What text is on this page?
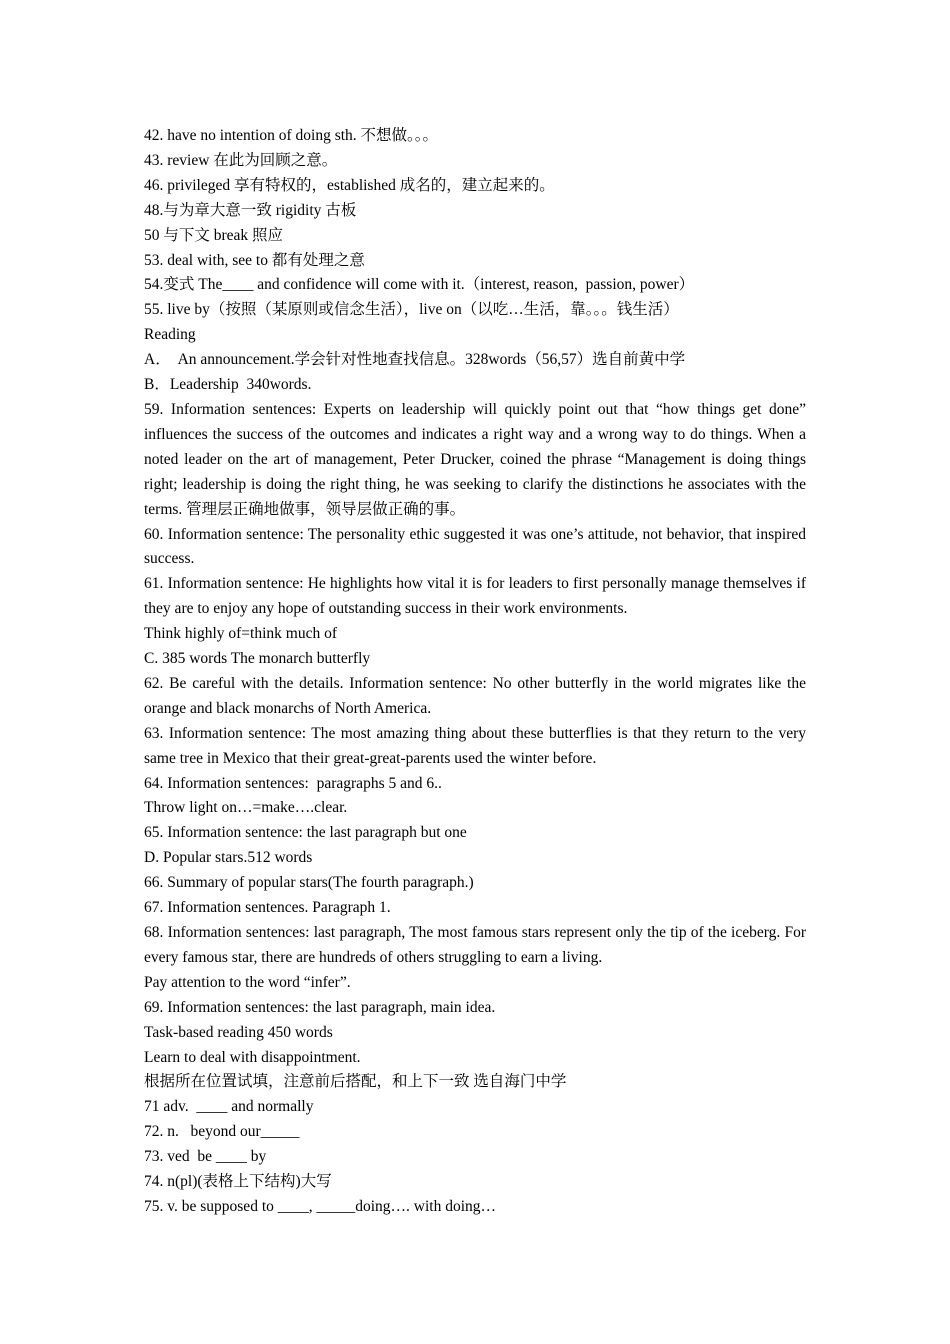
42. have no intention of doing sth. 不想做。。。

43. review 在此为回顾之意。

46. privileged 享有特权的，established 成名的，建立起来的。

48.与为章大意一致 rigidity 古板

50 与下文 break 照应

53. deal with, see to 都有处理之意

54.变式 The____ and confidence will come with it.（interest, reason,  passion, power）

55. live by（按照（某原则或信念生活），live on（以吃…生活，靠。。。钱生活）

Reading

A．  An announcement.学会针对性地查找信息。328words（56,57）选自前黄中学

B．Leadership  340words.

59. Information sentences: Experts on leadership will quickly point out that “how things get done” influences the success of the outcomes and indicates a right way and a wrong way to do things. When a noted leader on the art of management, Peter Drucker, coined the phrase “Management is doing things right; leadership is doing the right thing, he was seeking to clarify the distinctions he associates with the terms. 管理层正确地做事，领导层做正确的事。

60. Information sentence: The personality ethic suggested it was one’s attitude, not behavior, that inspired success.

61. Information sentence: He highlights how vital it is for leaders to first personally manage themselves if they are to enjoy any hope of outstanding success in their work environments.

Think highly of=think much of

C. 385 words The monarch butterfly

62. Be careful with the details. Information sentence: No other butterfly in the world migrates like the orange and black monarchs of North America.

63. Information sentence: The most amazing thing about these butterflies is that they return to the very same tree in Mexico that their great-great-parents used the winter before.

64. Information sentences:  paragraphs 5 and 6..

Throw light on…=make….clear.

65. Information sentence: the last paragraph but one

D. Popular stars.512 words

66. Summary of popular stars(The fourth paragraph.)

67. Information sentences. Paragraph 1.

68. Information sentences: last paragraph, The most famous stars represent only the tip of the iceberg. For every famous star, there are hundreds of others struggling to earn a living.

Pay attention to the word “infer”.

69. Information sentences: the last paragraph, main idea.

Task-based reading 450 words

Learn to deal with disappointment.

根据所在位置试填，注意前后搭配，和上下一致 选自海门中学

71 adv.  ____ and normally

72. n.   beyond our_____

73. ved  be ____ by

74. n(pl)(表格上下结构)大写

75. v. be supposed to ____, _____doing…. with doing…
